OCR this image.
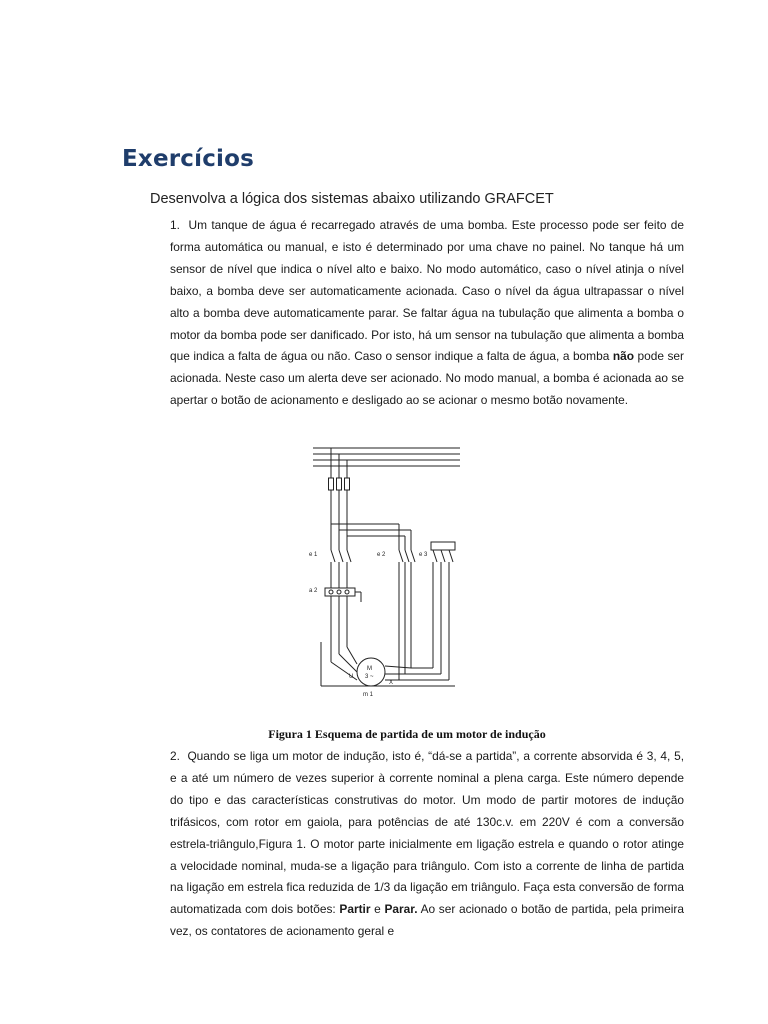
Exercícios
Desenvolva a lógica dos sistemas abaixo utilizando GRAFCET

1. Um tanque de água é recarregado através de uma bomba. Este processo pode ser feito de forma automática ou manual, e isto é determinado por uma chave no painel. No tanque há um sensor de nível que indica o nível alto e baixo. No modo automático, caso o nível atinja o nível baixo, a bomba deve ser automaticamente acionada. Caso o nível da água ultrapassar o nível alto a bomba deve automaticamente parar. Se faltar água na tubulação que alimenta a bomba o motor da bomba pode ser danificado. Por isto, há um sensor na tubulação que alimenta a bomba que indica a falta de água ou não. Caso o sensor indique a falta de água, a bomba não pode ser acionada. Neste caso um alerta deve ser acionado. No modo manual, a bomba é acionada ao se apertar o botão de acionamento e desligado ao se acionar o mesmo botão novamente.

e 1	e 2	e 3
a 2
M
3 ~
U
X
m 1
Figura 1 Esquema de partida de um motor de indução

2. Quando se liga um motor de indução, isto é, “dá-se a partida”, a corrente absorvida é 3, 4, 5, e a até um número de vezes superior à corrente nominal a plena carga. Este número depende do tipo e das características construtivas do motor. Um modo de partir motores de indução trifásicos, com rotor em gaiola, para potências de até 130c.v. em 220V é com a conversão estrela-triângulo,Figura 1. O motor parte inicialmente em ligação estrela e quando o rotor atinge a velocidade nominal, muda-se a ligação para triângulo. Com isto a corrente de linha de partida na ligação em estrela fica reduzida de 1/3 da ligação em triângulo. Faça esta conversão de forma automatizada com dois botões: Partir e Parar. Ao ser acionado o botão de partida, pela primeira vez, os contatores de acionamento geral e
